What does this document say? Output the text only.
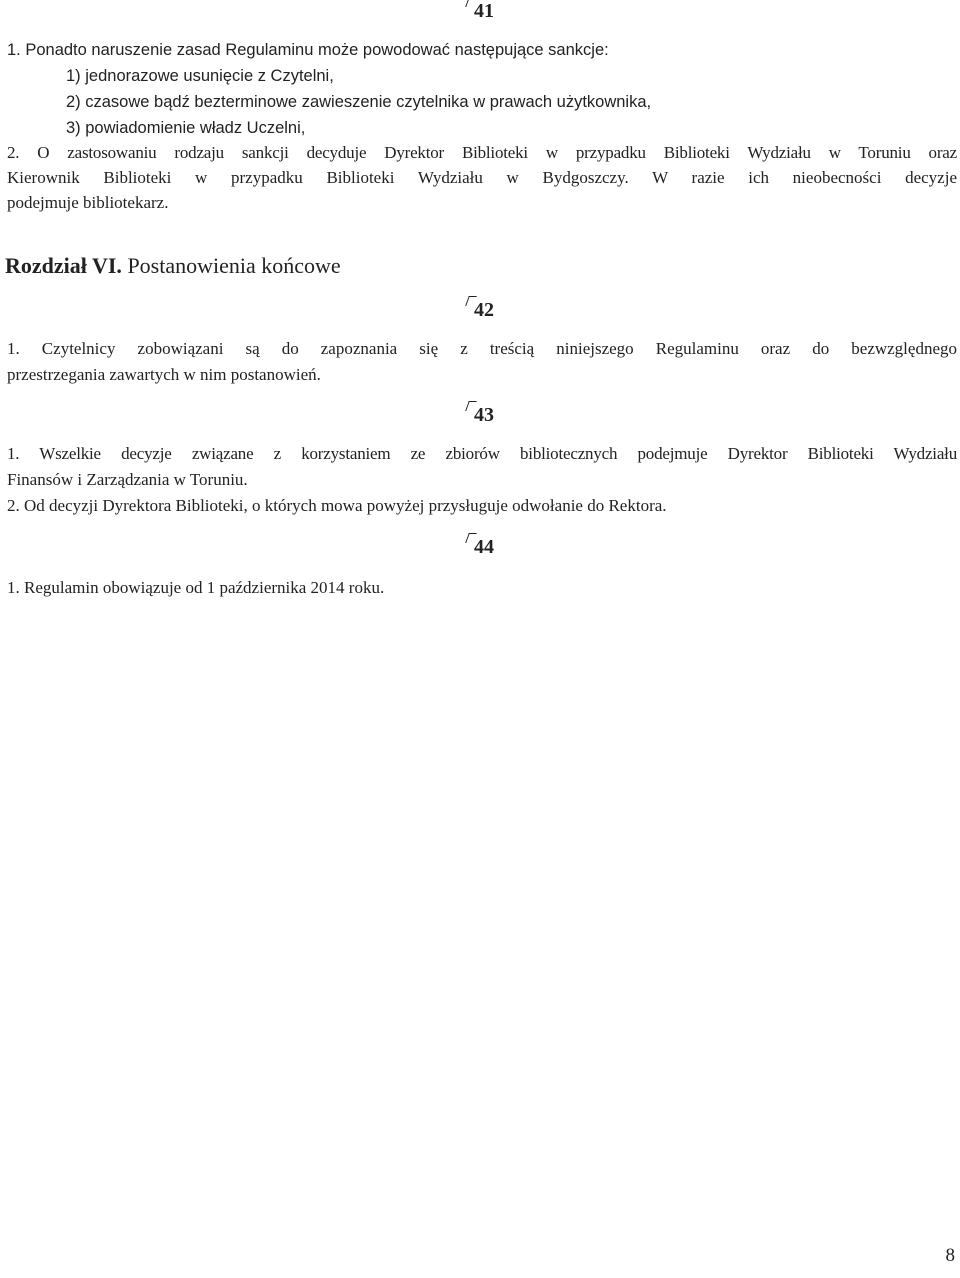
41
1. Ponadto naruszenie zasad Regulaminu może powodować następujące sankcje:
1) jednorazowe usunięcie z Czytelni,
2) czasowe bądź bezterminowe zawieszenie czytelnika w prawach użytkownika,
3) powiadomienie władz Uczelni,
2. O zastosowaniu rodzaju sankcji decyduje Dyrektor Biblioteki w przypadku Biblioteki Wydziału w Toruniu oraz
Kierownik Biblioteki w przypadku Biblioteki Wydziału w Bydgoszczy. W razie ich nieobecności decyzje
podejmuje bibliotekarz.
Rozdział VI. Postanowienia końcowe
42
1. Czytelnicy zobowiązani są do zapoznania się z treścią niniejszego Regulaminu oraz do bezwzględnego
przestrzegania zawartych w nim postanowień.
43
1. Wszelkie decyzje związane z korzystaniem ze zbiorów bibliotecznych podejmuje Dyrektor Biblioteki Wydziału
Finansów i Zarządzania w Toruniu.
2. Od decyzji Dyrektora Biblioteki, o których mowa powyżej przysługuje odwołanie do Rektora.
44
1. Regulamin obowiązuje od 1 października 2014 roku.
8
